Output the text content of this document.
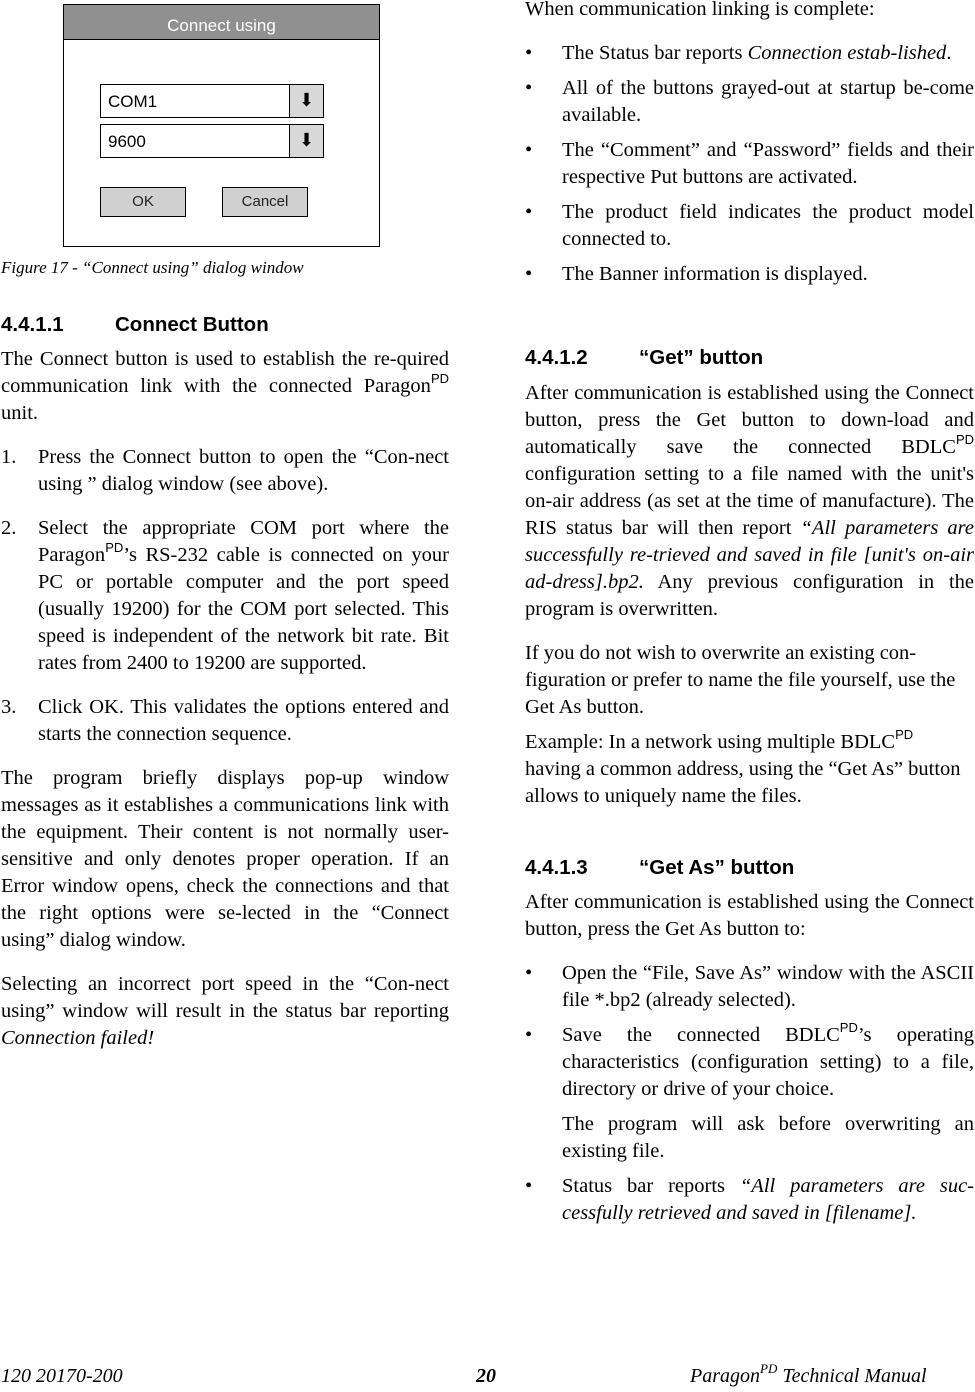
Connect using
COM1	⬇
9600	⬇
OK	Cancel
Figure 17 - “Connect using” dialog window
4.4.1.1	Connect Button

The Connect button is used to establish the re-quired communication link with the connected Paragon$^{PD}$ unit.

1. Press the Connect button to open the “Con-nect using ” dialog window (see above).

2. Select the appropriate COM port where the Paragon$^{PD}$’s RS-232 cable is connected on your PC or portable computer and the port speed (usually 19200) for the COM port selected. This speed is independent of the network bit rate. Bit rates from 2400 to 19200 are supported.

3. Click OK. This validates the options entered and starts the connection sequence.

The program briefly displays pop-up window messages as it establishes a communications link with the equipment. Their content is not normally user-sensitive and only denotes proper operation. If an Error window opens, check the connections and that the right options were se-lected in the “Connect using” dialog window.

Selecting an incorrect port speed in the “Con-nect using” window will result in the status bar reporting Connection failed!

When communication linking is complete:

• The Status bar reports Connection estab-lished.

• All of the buttons grayed-out at startup be-come available.

• The “Comment” and “Password” fields and their respective Put buttons are activated.

• The product field indicates the product model connected to.

• The Banner information is displayed.

4.4.1.2	“Get” button

After communication is established using the Connect button, press the Get button to down-load and automatically save the connected $BDLC^{PD}$ configuration setting to a file named with the unit's on-air address (as set at the time of manufacture). The RIS status bar will then report “All parameters are successfully re-trieved and saved in file [unit's on-air ad-dress].bp2. Any previous configuration in the program is overwritten.

If you do not wish to overwrite an existing con-figuration or prefer to name the file yourself, use the Get As button.

Example: In a network using multiple $BDLC^{PD}$ having a common address, using the “Get As” button allows to uniquely name the files.

4.4.1.3	“Get As” button

After communication is established using the Connect button, press the Get As button to:

• Open the “File, Save As” window with the ASCII file *.bp2 (already selected).

• Save the connected $BDLC^{PD}’s$ operating characteristics (configuration setting) to a file, directory or drive of your choice.

The program will ask before overwriting an existing file.

• Status bar reports “All parameters are suc-cessfully retrieved and saved in [filename].

120 20170-200	20	Paragon$^{PD}$ Technical Manual
